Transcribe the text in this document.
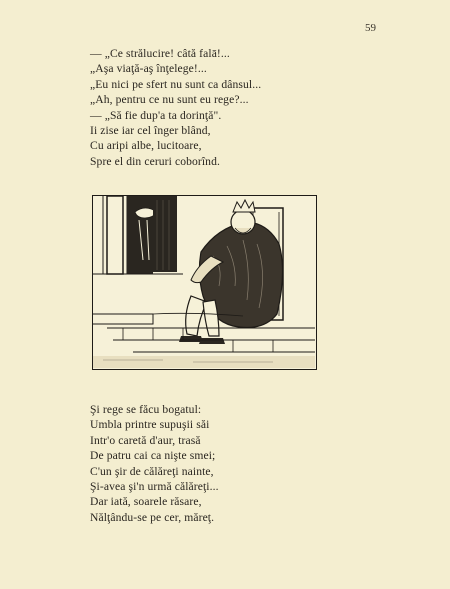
59
— „Ce strălucire! câtă falā!...
„Aşa viaţă-aş înţelege!...
„Eu nici pe sfert nu sunt ca dânsul...
„Ah, pentru ce nu sunt eu rege?...
— „Să fie dup'a ta dorinţă".
Ii zise iar cel înger blând,
Cu aripi albe, lucitoare,
Spre el din ceruri coborînd.
Şi rege se făcu bogatul:
Umbla printre supuşii săi
Intr'o caretă d'aur, trasă
De patru cai ca nişte smei;
C'un şir de călăreţi nainte,
Şi-avea şi'n urmă călăreţi...
Dar iată, soarele răsare,
Nălţându-se pe cer, măreţ.
